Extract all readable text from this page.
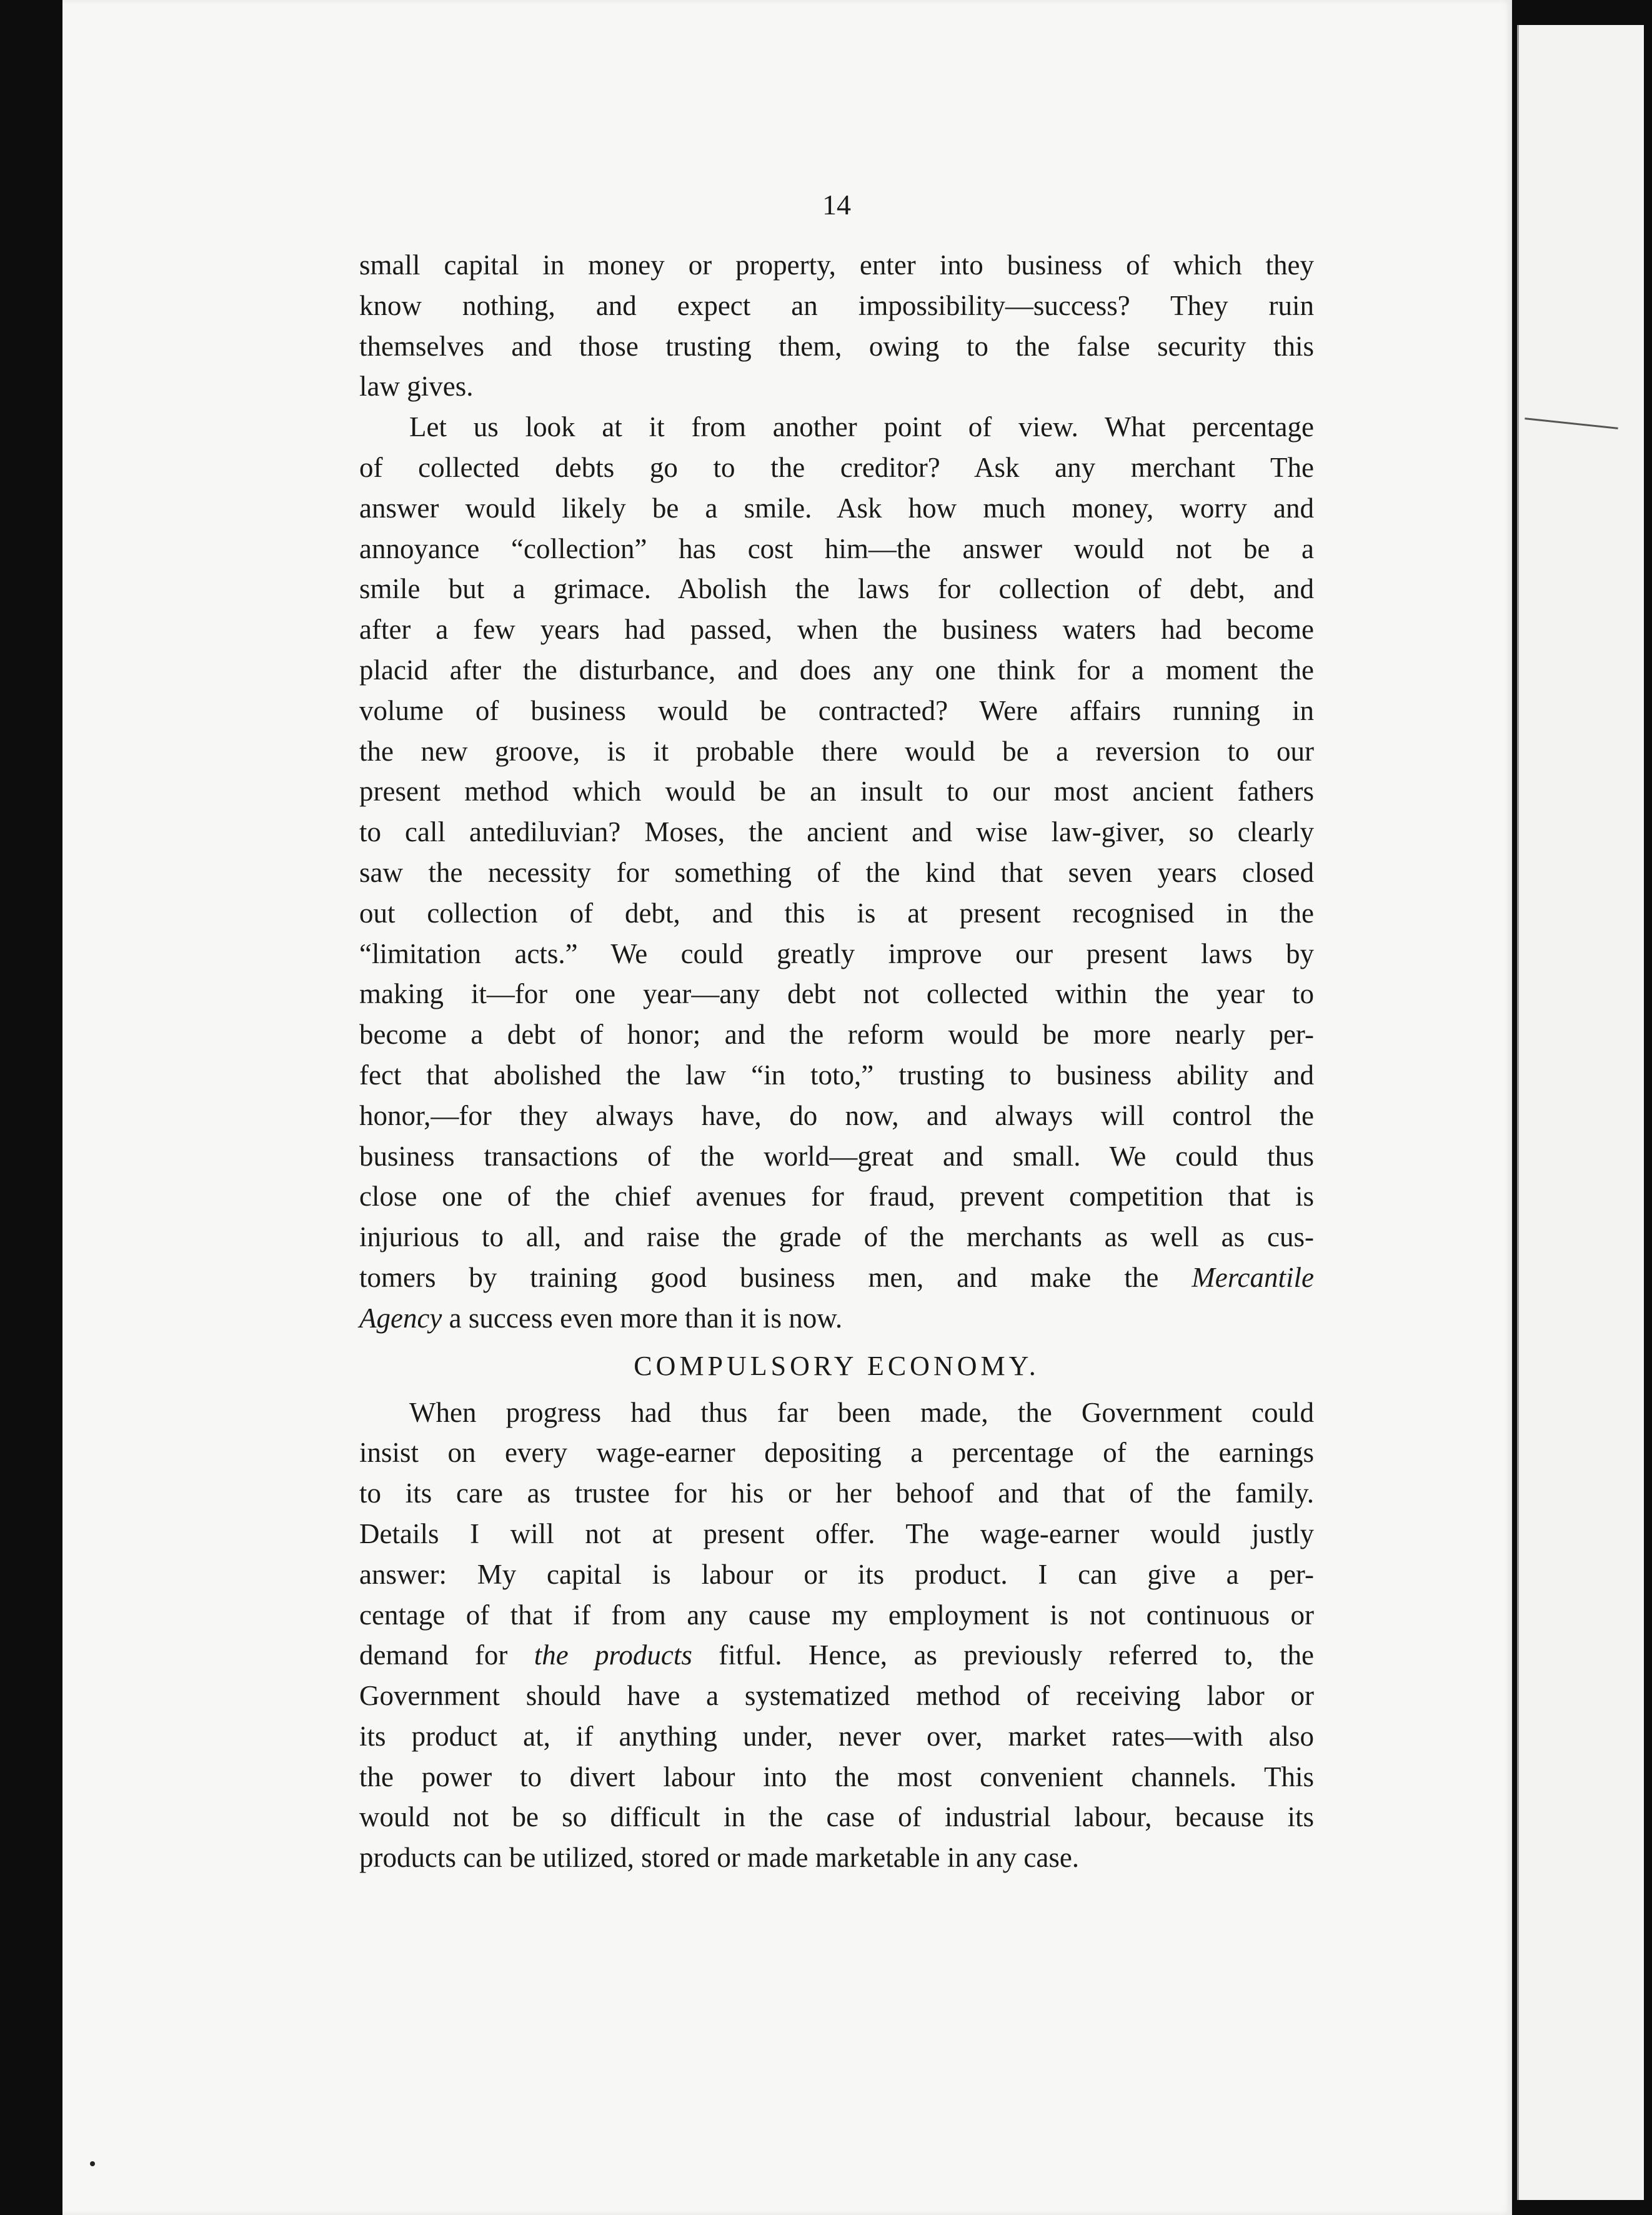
14
small capital in money or property, enter into business of which they
know nothing, and expect an impossibility—success? They ruin
themselves and those trusting them, owing to the false security this
law gives.
Let us look at it from another point of view. What percentage
of collected debts go to the creditor? Ask any merchant The
answer would likely be a smile. Ask how much money, worry and
annoyance “collection” has cost him—the answer would not be a
smile but a grimace. Abolish the laws for collection of debt, and
after a few years had passed, when the business waters had become
placid after the disturbance, and does any one think for a moment the
volume of business would be contracted? Were affairs running in
the new groove, is it probable there would be a reversion to our
present method which would be an insult to our most ancient fathers
to call antediluvian? Moses, the ancient and wise law-giver, so clearly
saw the necessity for something of the kind that seven years closed
out collection of debt, and this is at present recognised in the
“limitation acts.” We could greatly improve our present laws by
making it—for one year—any debt not collected within the year to
become a debt of honor; and the reform would be more nearly per-
fect that abolished the law “in toto,” trusting to business ability and
honor,—for they always have, do now, and always will control the
business transactions of the world—great and small. We could thus
close one of the chief avenues for fraud, prevent competition that is
injurious to all, and raise the grade of the merchants as well as cus-
tomers by training good business men, and make the Mercantile
Agency a success even more than it is now.
COMPULSORY ECONOMY.
When progress had thus far been made, the Government could
insist on every wage-earner depositing a percentage of the earnings
to its care as trustee for his or her behoof and that of the family.
Details I will not at present offer. The wage-earner would justly
answer: My capital is labour or its product. I can give a per-
centage of that if from any cause my employment is not continuous or
demand for the products fitful. Hence, as previously referred to, the
Government should have a systematized method of receiving labor or
its product at, if anything under, never over, market rates—with also
the power to divert labour into the most convenient channels. This
would not be so difficult in the case of industrial labour, because its
products can be utilized, stored or made marketable in any case.
